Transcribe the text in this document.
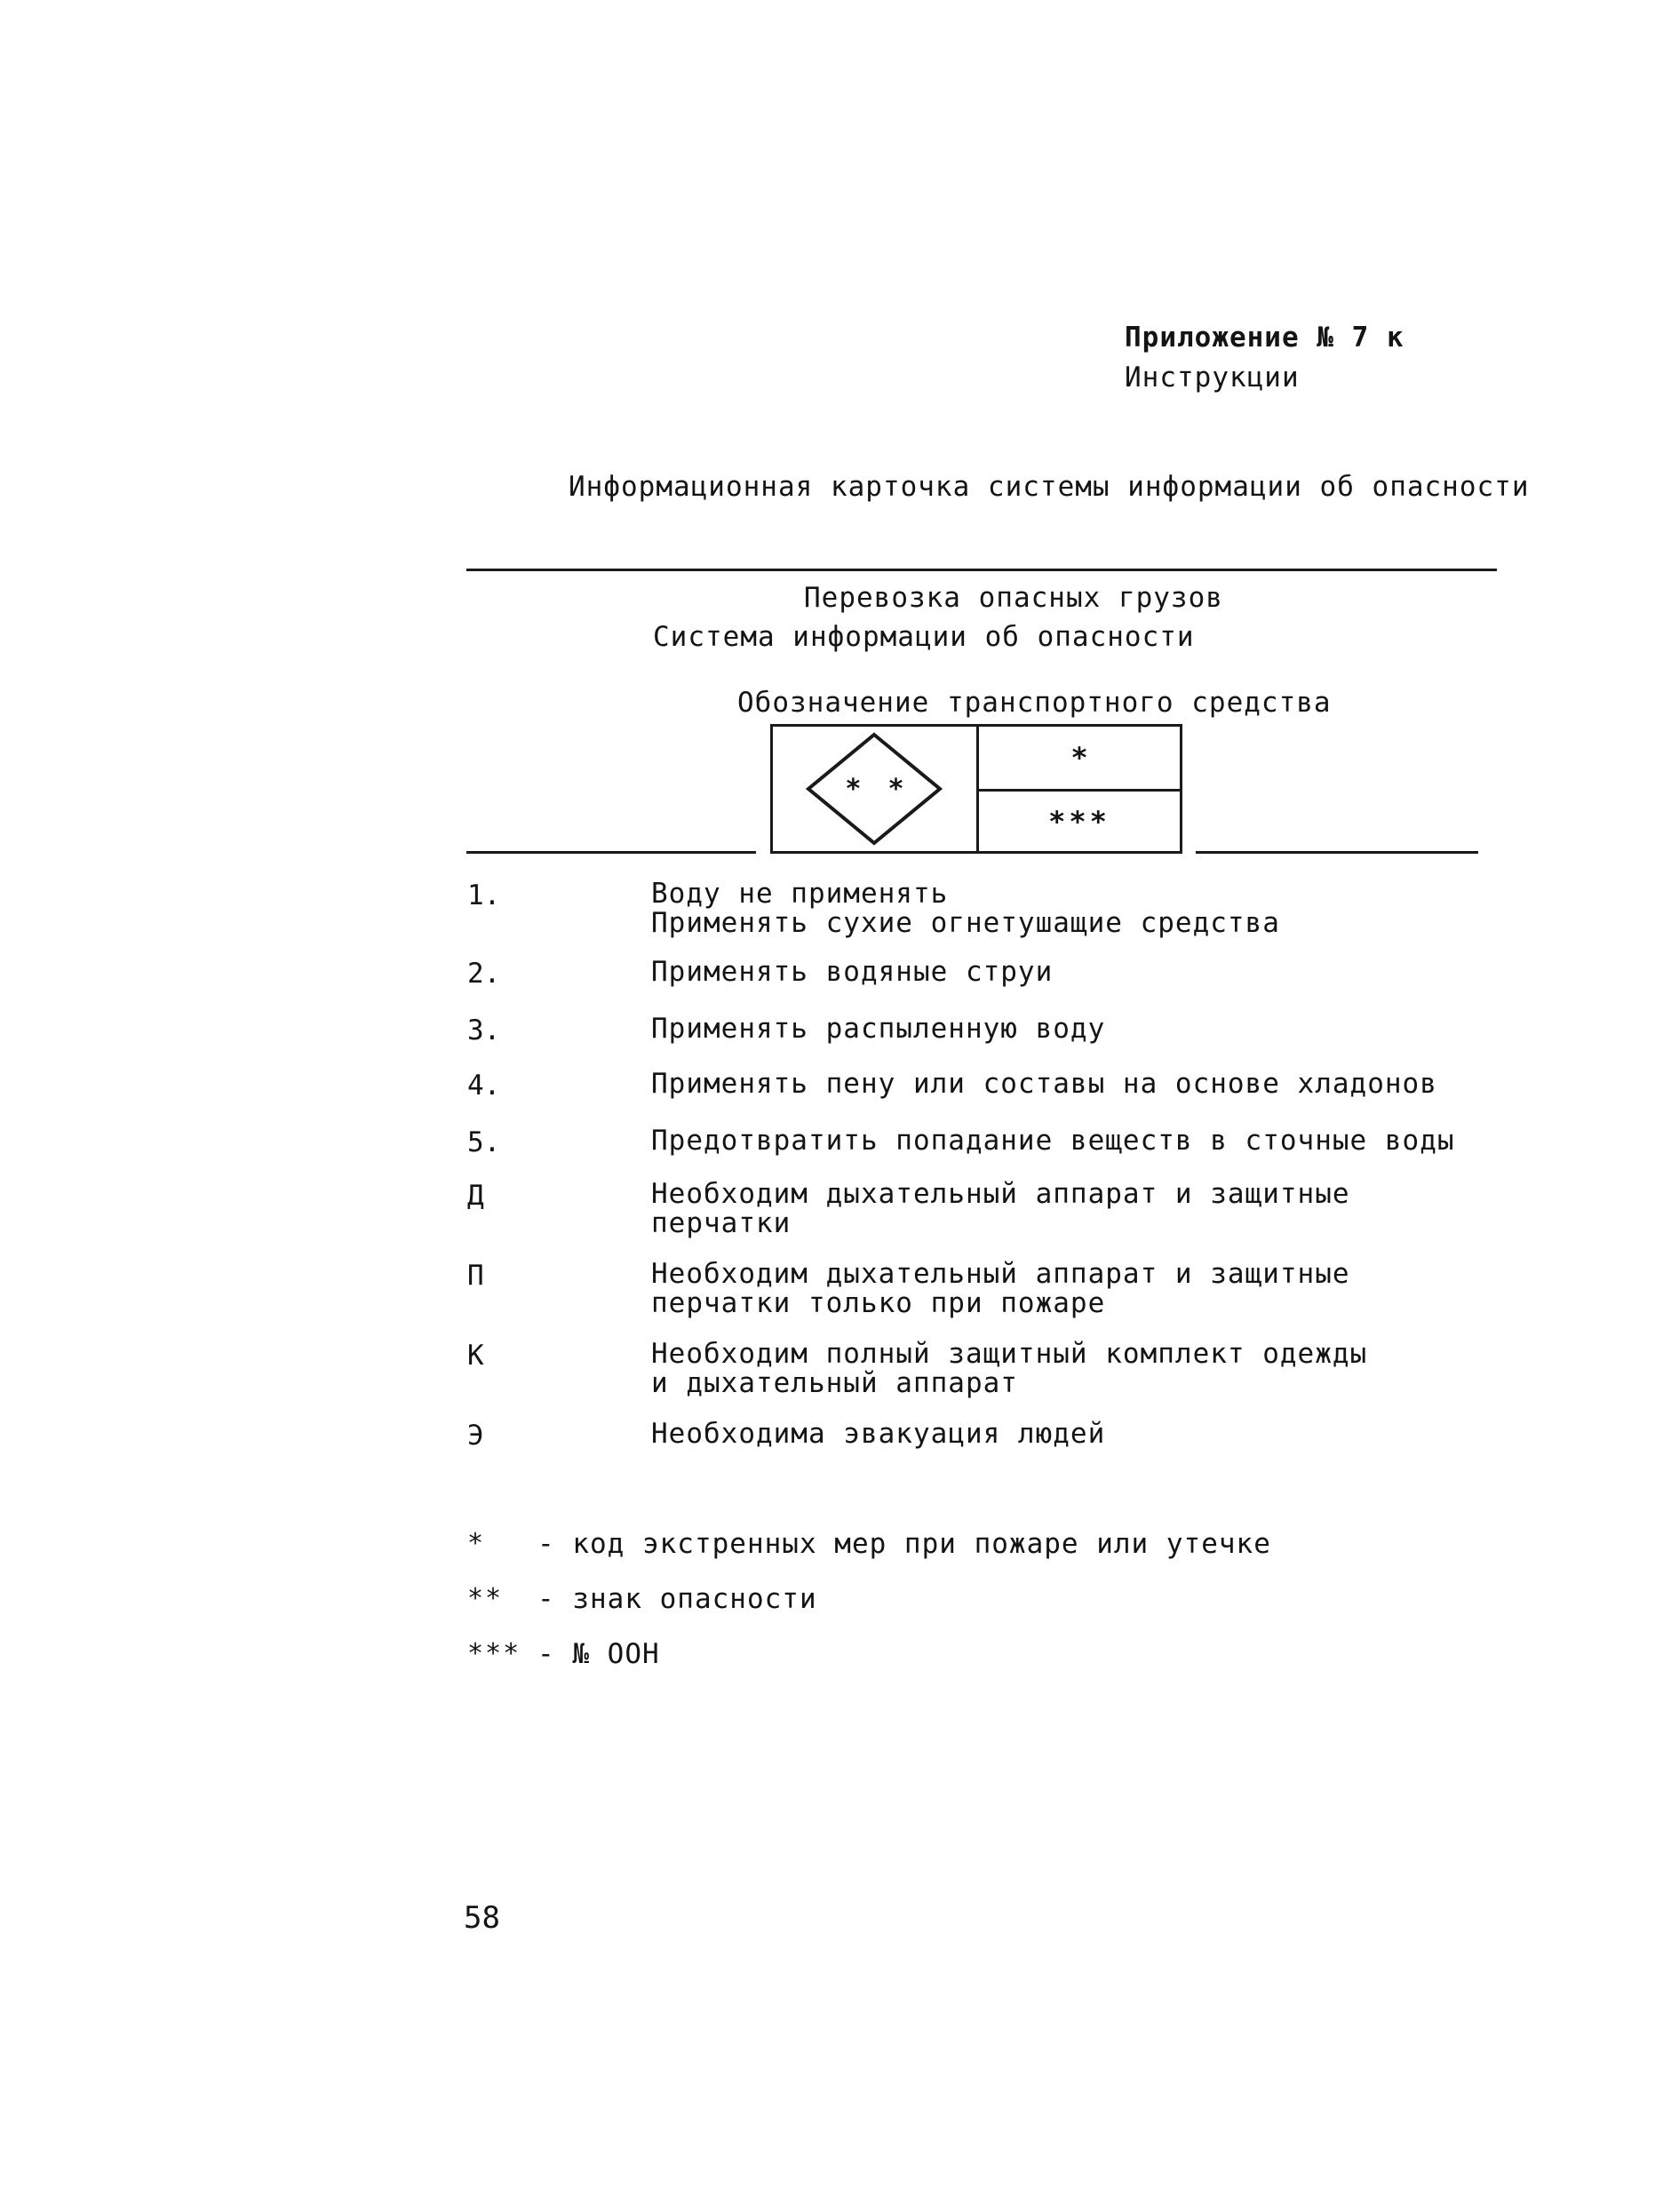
Приложение № 7 к
Инструкции
Информационная карточка системы информации об опасности
Перевозка опасных грузов
Система информации об опасности
Обозначение транспортного средства
* *
*
***
1.	Воду не применять
Применять сухие огнетушащие средства
2.	Применять водяные струи
3.	Применять распыленную воду
4.	Применять пену или составы на основе хладонов
5.	Предотвратить попадание веществ в сточные воды
Д	Необходим дыхательный аппарат и защитные
перчатки
П	Необходим дыхательный аппарат и защитные
перчатки только при пожаре
К	Необходим полный защитный комплект одежды
и дыхательный аппарат
Э	Необходима эвакуация людей
* - код экстренных мер при пожаре или утечке
** - знак опасности
*** - № ООН
58
